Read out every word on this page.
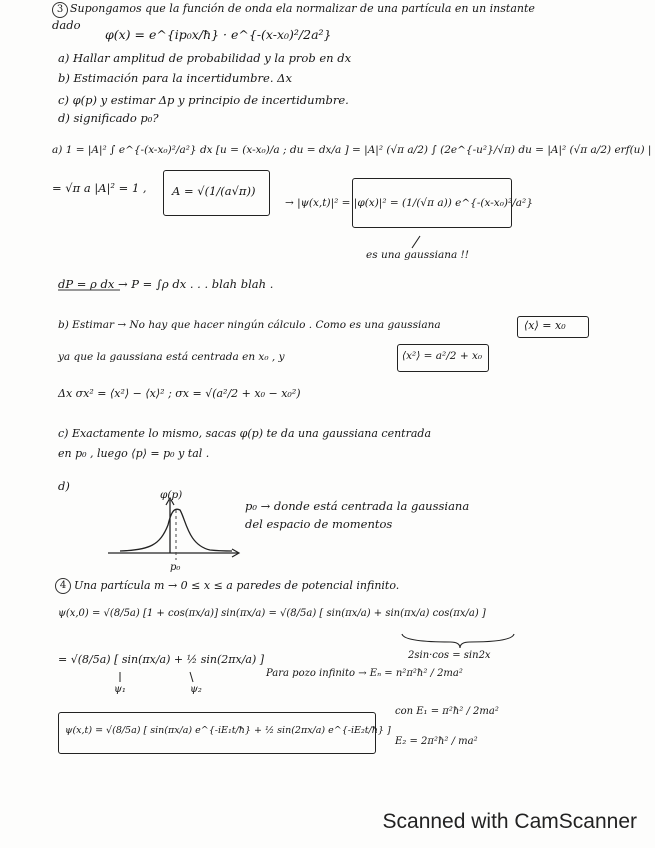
3 Supongamos que la función de onda ela normalizar de una partícula en un instante
dado
φ(x) = e^{ip₀x/ħ} · e^{-(x-x₀)²/2a²}
a) Hallar amplitud de probabilidad y la prob en dx
b) Estimación para la incertidumbre. Δx
c) φ(p) y estimar Δp y principio de incertidumbre.
d) significado p₀?
a) 1 = |A|² ∫ e^{-(x-x₀)²/a²} dx [u = (x-x₀)/a ; du = dx/a ] = |A|² (√π a/2) ∫ (2e^{-u²}/√π) du = |A|² (√π a/2) erf(u) |
= √π a |A|² = 1 , A = √(1/(a√π))
→ |ψ(x,t)|² = |φ(x)|² = (1/(√π a)) e^{-(x-x₀)²/a²}
es una gaussiana !!
dP = ρ dx → P = ∫ρ dx . . . blah blah .
b) Estimar → No hay que hacer ningún cálculo . Como es una gaussiana	⟨x⟩ = x₀
ya que la gaussiana está centrada en x₀ , y	⟨x²⟩ = a²/2 + x₀
Δx σx² = ⟨x²⟩ − ⟨x⟩² ; σx = √(a²/2 + x₀ − x₀²)
c) Exactamente lo mismo, sacas φ(p) te da una gaussiana centrada
en p₀ , luego ⟨p⟩ = p₀ y tal .
d)
φ(p)
p₀
p₀ → donde está centrada la gaussiana
del espacio de momentos
4 Una partícula m → 0 ≤ x ≤ a paredes de potencial infinito.
ψ(x,0) = √(8/5a) [1 + cos(πx/a)] sin(πx/a) = √(8/5a) [ sin(πx/a) + sin(πx/a) cos(πx/a) ]
2sin·cos = sin2x
= √(8/5a) [ sin(πx/a) + ½ sin(2πx/a) ]
ψ₁	ψ₂
Para pozo infinito → Eₙ = n²π²ħ² / 2ma²
ψ(x,t) = √(8/5a) [ sin(πx/a) e^{-iE₁t/ħ} + ½ sin(2πx/a) e^{-iE₂t/ħ} ]
con E₁ = π²ħ² / 2ma²
E₂ = 2π²ħ² / ma²
Scanned with CamScanner
